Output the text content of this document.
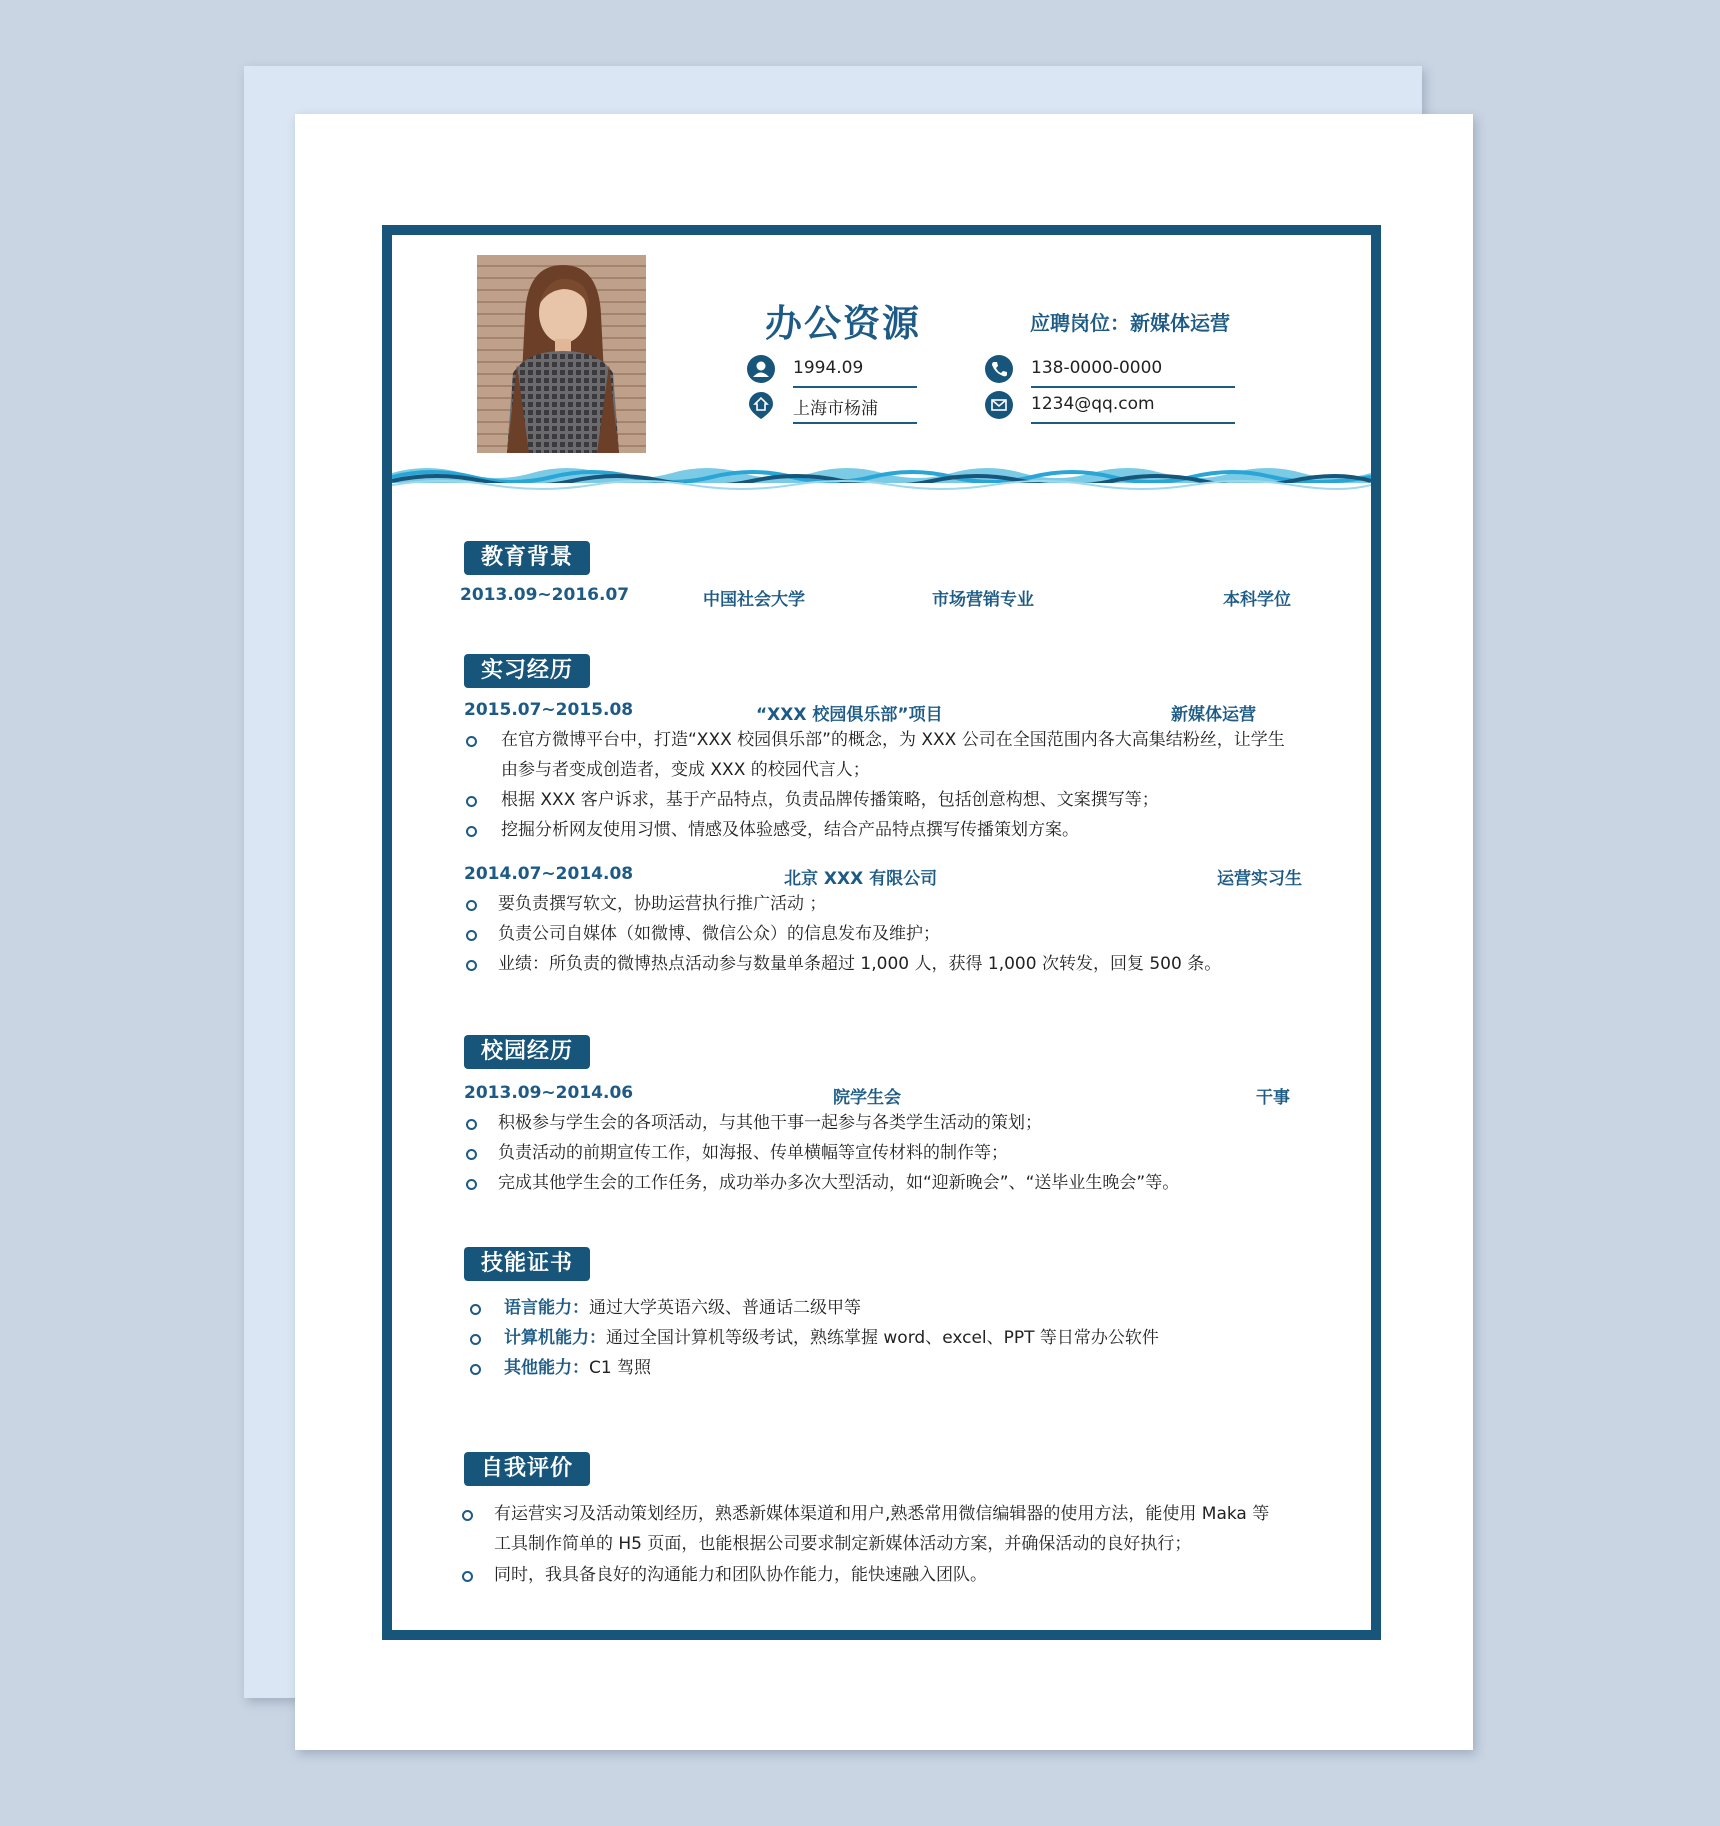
办公资源	应聘岗位：新媒体运营
1994.09	138-0000-0000
上海市杨浦	1234@qq.com
教育背景
2013.09~2016.07	中国社会大学	市场营销专业	本科学位
实习经历
2015.07~2015.08	“XXX 校园俱乐部”项目	新媒体运营
在官方微博平台中，打造“XXX 校园俱乐部”的概念，为 XXX 公司在全国范围内各大高集结粉丝，让学生
由参与者变成创造者，变成 XXX 的校园代言人；
根据 XXX 客户诉求，基于产品特点，负责品牌传播策略，包括创意构想、文案撰写等；
挖掘分析网友使用习惯、情感及体验感受，结合产品特点撰写传播策划方案。
2014.07~2014.08	北京 XXX 有限公司	运营实习生
要负责撰写软文，协助运营执行推广活动 ；
负责公司自媒体（如微博、微信公众）的信息发布及维护；
业绩：所负责的微博热点活动参与数量单条超过 1,000 人，获得 1,000 次转发，回复 500 条。
校园经历
2013.09~2014.06	院学生会	干事
积极参与学生会的各项活动，与其他干事一起参与各类学生活动的策划；
负责活动的前期宣传工作，如海报、传单横幅等宣传材料的制作等；
完成其他学生会的工作任务，成功举办多次大型活动，如“迎新晚会”、“送毕业生晚会”等。
技能证书
语言能力：通过大学英语六级、普通话二级甲等
计算机能力：通过全国计算机等级考试，熟练掌握 word、excel、PPT 等日常办公软件
其他能力：C1 驾照
自我评价
有运营实习及活动策划经历，熟悉新媒体渠道和用户,熟悉常用微信编辑器的使用方法，能使用 Maka 等
工具制作简单的 H5 页面，也能根据公司要求制定新媒体活动方案，并确保活动的良好执行；
同时，我具备良好的沟通能力和团队协作能力，能快速融入团队。
